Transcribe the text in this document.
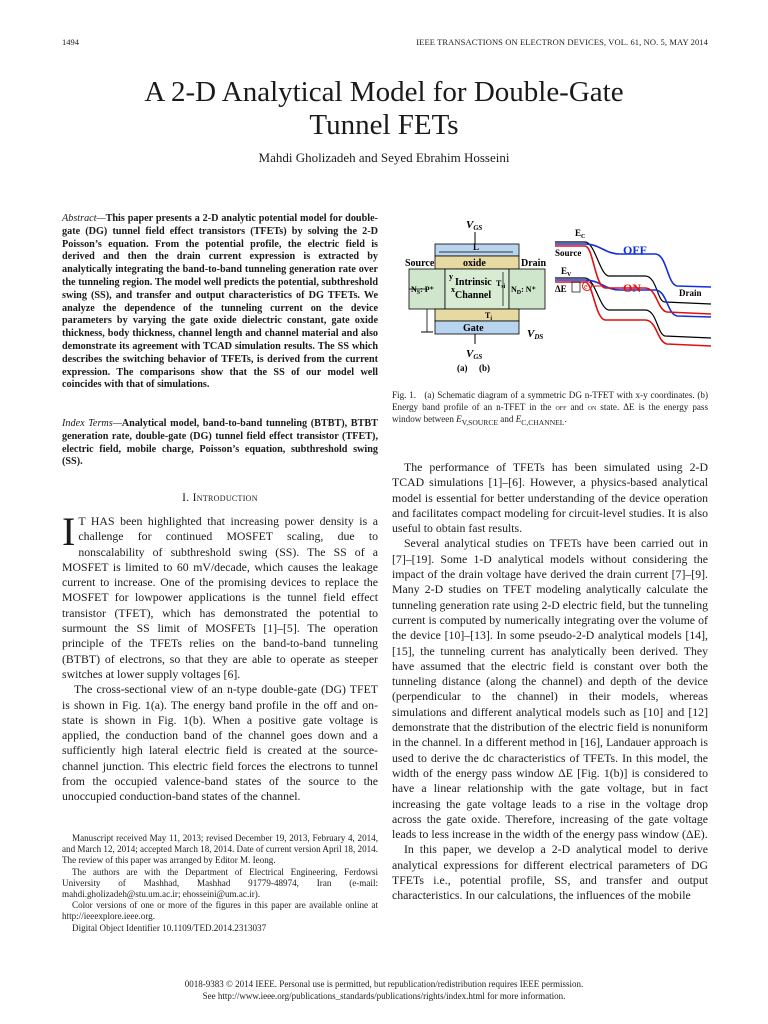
1494	IEEE TRANSACTIONS ON ELECTRON DEVICES, VOL. 61, NO. 5, MAY 2014
A 2-D Analytical Model for Double-Gate
Tunnel FETs
Mahdi Gholizadeh and Seyed Ebrahim Hosseini
Abstract—This paper presents a 2-D analytic potential model for double-gate (DG) tunnel field effect transistors (TFETs) by solving the 2-D Poisson’s equation. From the potential profile, the electric field is derived and then the drain current expression is extracted by analytically integrating the band-to-band tunneling generation rate over the tunneling region. The model well predicts the potential, subthreshold swing (SS), and transfer and output characteristics of DG TFETs. We analyze the dependence of the tunneling current on the device parameters by varying the gate oxide dielectric constant, gate oxide thickness, body thickness, channel length and channel material and also demonstrate its agreement with TCAD simulation results. The SS which describes the switching behavior of TFETs, is derived from the current expression. The comparisons show that the SS of our model well coincides with that of simulations.
Index Terms—Analytical model, band-to-band tunneling (BTBT), BTBT generation rate, double-gate (DG) tunnel field effect transistor (TFET), electric field, mobile charge, Poisson’s equation, subthreshold swing (SS).
I. Introduction

I T HAS been highlighted that increasing power density is a challenge for continued MOSFET scaling, due to nonscalability of subthreshold swing (SS). The SS of a MOSFET is limited to 60 mV/decade, which causes the leakage current to increase. One of the promising devices to replace the MOSFET for lowpower applications is the tunnel field effect transistor (TFET), which has demonstrated the potential to surmount the SS limit of MOSFETs [1]–[5]. The operation principle of the TFETs relies on the band-to-band tunneling (BTBT) of electrons, so that they are able to operate as steeper switches at lower supply voltages [6].

The cross-sectional view of an n-type double-gate (DG) TFET is shown in Fig. 1(a). The energy band profile in the off and on-state is shown in Fig. 1(b). When a positive gate voltage is applied, the conduction band of the channel goes down and a sufficiently high lateral electric field is created at the source-channel junction. This electric field forces the electrons to tunnel from the occupied valence-band states of the source to the unoccupied conduction-band states of the channel.

Manuscript received May 11, 2013; revised December 19, 2013, February 4, 2014, and March 12, 2014; accepted March 18, 2014. Date of current version April 18, 2014. The review of this paper was arranged by Editor M. Ieong.

The authors are with the Department of Electrical Engineering, Ferdowsi University of Mashhad, Mashhad 91779-48974, Iran (e-mail: mahdi.gholizadeh@stu.um.ac.ir; ehosseini@um.ac.ir).

Color versions of one or more of the figures in this paper are available online at http://ieeexplore.ieee.org.

Digital Object Identifier 10.1109/TED.2014.2313037

VGS
Source	Drain
L
oxide
$N_S$: P⁺	$N_D$: N⁺
Intrinsic
Channel
y
x
$T_{si}$
$T_i$
Gate	VDS
VGS
(a) (b)
$E_C$
Source
$E_V$
OFF
ON	Drain
ΔE e
Fig. 1. (a) Schematic diagram of a symmetric DG n-TFET with x-y coordinates. (b) Energy band profile of an n-TFET in the off and on state. ΔE is the energy pass window between $E_{V,SOURCE}$ and $E_{C,CHANNEL}$.

The performance of TFETs has been simulated using 2-D TCAD simulations [1]–[6]. However, a physics-based analytical model is essential for better understanding of the device operation and facilitates compact modeling for circuit-level studies. It is also useful to obtain fast results.

Several analytical studies on TFETs have been carried out in [7]–[19]. Some 1-D analytical models without considering the impact of the drain voltage have derived the drain current [7]–[9]. Many 2-D studies on TFET modeling analytically calculate the tunneling generation rate using 2-D electric field, but the tunneling current is computed by numerically integrating over the volume of the device [10]–[13]. In some pseudo-2-D analytical models [14], [15], the tunneling current has analytically been derived. They have assumed that the electric field is constant over both the tunneling distance (along the channel) and depth of the device (perpendicular to the channel) in their models, whereas simulations and different analytical models such as [10] and [12] demonstrate that the distribution of the electric field is nonuniform in the channel. In a different method in [16], Landauer approach is used to derive the dc characteristics of TFETs. In this model, the width of the energy pass window ΔE [Fig. 1(b)] is considered to have a linear relationship with the gate voltage, but in fact increasing the gate voltage leads to a rise in the voltage drop across the gate oxide. Therefore, increasing of the gate voltage leads to less increase in the width of the energy pass window (ΔE).

In this paper, we develop a 2-D analytical model to derive analytical expressions for different electrical parameters of DG TFETs i.e., potential profile, SS, and transfer and output characteristics. In our calculations, the influences of the mobile

0018-9383 © 2014 IEEE. Personal use is permitted, but republication/redistribution requires IEEE permission.
See http://www.ieee.org/publications_standards/publications/rights/index.html for more information.
